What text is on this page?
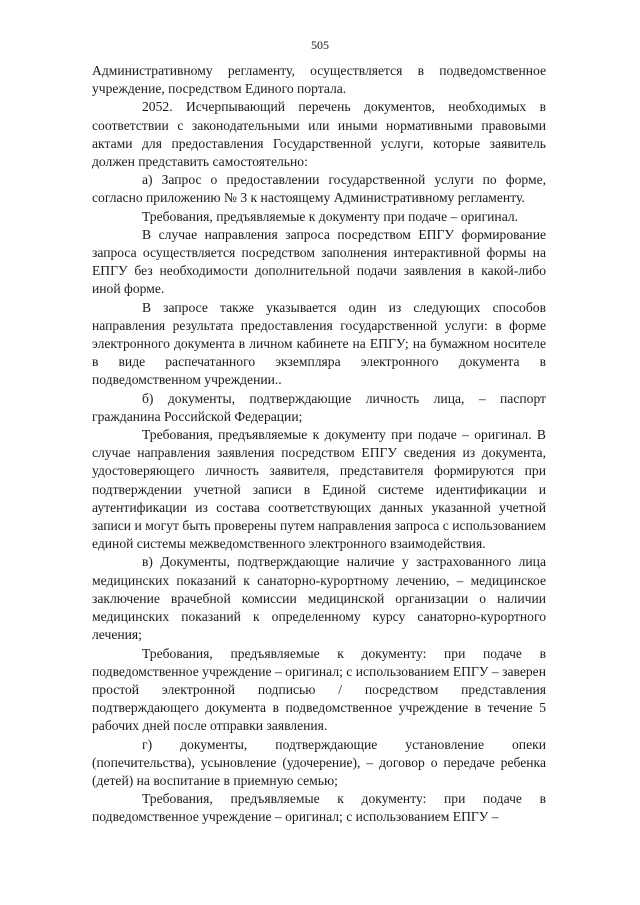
505

Административному регламенту, осуществляется в подведомственное учреждение, посредством Единого портала.

2052. Исчерпывающий перечень документов, необходимых в соответствии с законодательными или иными нормативными правовыми актами для предоставления Государственной услуги, которые заявитель должен представить самостоятельно:

а) Запрос о предоставлении государственной услуги по форме, согласно приложению № 3 к настоящему Административному регламенту.

Требования, предъявляемые к документу при подаче – оригинал.

В случае направления запроса посредством ЕПГУ формирование запроса осуществляется посредством заполнения интерактивной формы на ЕПГУ без необходимости дополнительной подачи заявления в какой-либо иной форме.

В запросе также указывается один из следующих способов направления результата предоставления государственной услуги: в форме электронного документа в личном кабинете на ЕПГУ; на бумажном носителе в виде распечатанного экземпляра электронного документа в подведомственном учреждении..

б) документы, подтверждающие личность лица, – паспорт гражданина Российской Федерации;

Требования, предъявляемые к документу при подаче – оригинал. В случае направления заявления посредством ЕПГУ сведения из документа, удостоверяющего личность заявителя, представителя формируются при подтверждении учетной записи в Единой системе идентификации и аутентификации из состава соответствующих данных указанной учетной записи и могут быть проверены путем направления запроса с использованием единой системы межведомственного электронного взаимодействия.

в) Документы, подтверждающие наличие у застрахованного лица медицинских показаний к санаторно-курортному лечению, – медицинское заключение врачебной комиссии медицинской организации о наличии медицинских показаний к определенному курсу санаторно-курортного лечения;

Требования, предъявляемые к документу: при подаче в подведомственное учреждение – оригинал; с использованием ЕПГУ – заверен простой электронной подписью / посредством представления подтверждающего документа в подведомственное учреждение в течение 5 рабочих дней после отправки заявления.

г) документы, подтверждающие установление опеки (попечительства), усыновление (удочерение), – договор о передаче ребенка (детей) на воспитание в приемную семью;

Требования, предъявляемые к документу: при подаче в подведомственное учреждение – оригинал; с использованием ЕПГУ –
